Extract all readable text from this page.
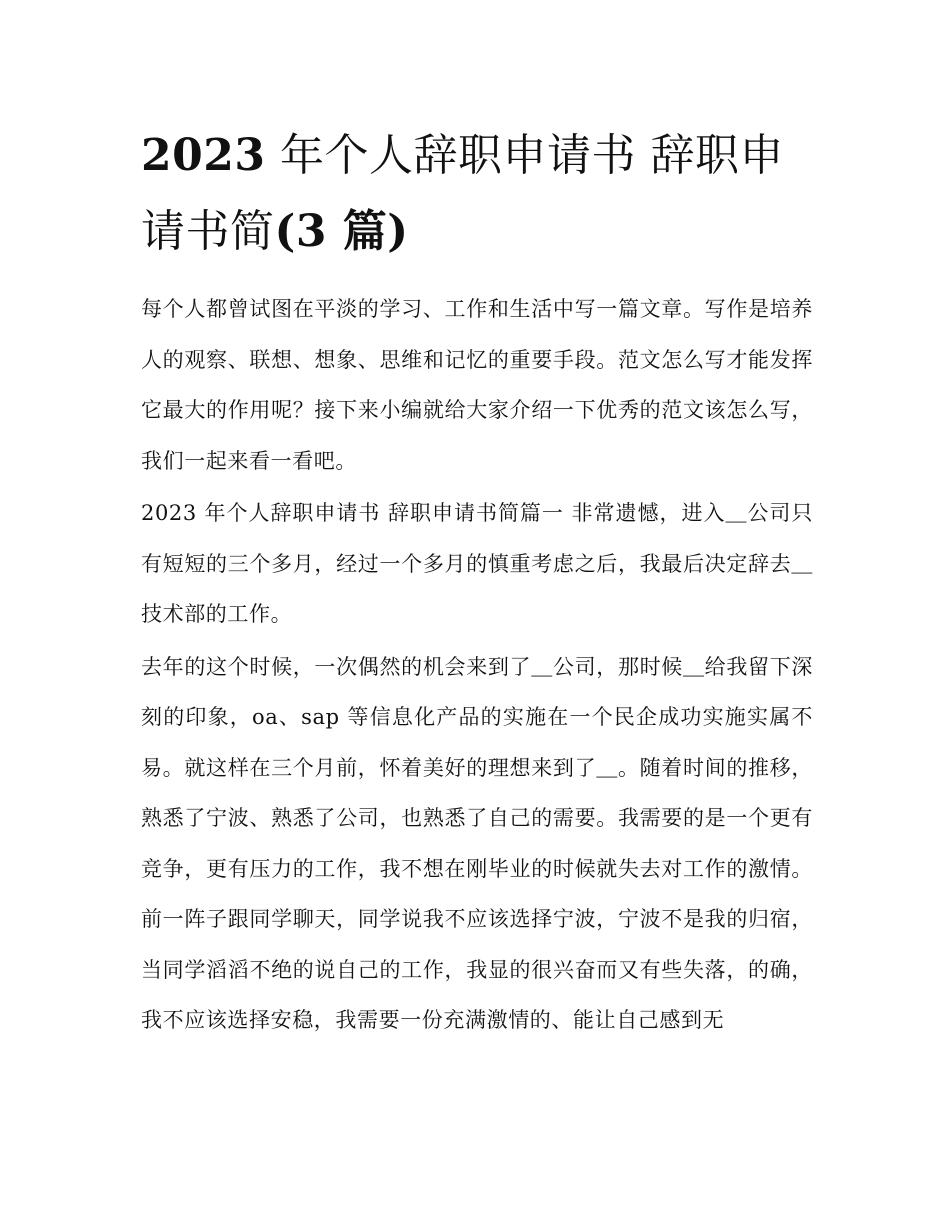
2023 年个人辞职申请书 辞职申请书简(3 篇)

每个人都曾试图在平淡的学习、工作和生活中写一篇文章。写作是培养人的观察、联想、想象、思维和记忆的重要手段。范文怎么写才能发挥它最大的作用呢？接下来小编就给大家介绍一下优秀的范文该怎么写，我们一起来看一看吧。

2023 年个人辞职申请书 辞职申请书简篇一 非常遗憾，进入＿公司只有短短的三个多月，经过一个多月的慎重考虑之后，我最后决定辞去＿技术部的工作。

去年的这个时候，一次偶然的机会来到了＿公司，那时候＿给我留下深刻的印象，oa、sap 等信息化产品的实施在一个民企成功实施实属不易。就这样在三个月前，怀着美好的理想来到了＿。随着时间的推移，熟悉了宁波、熟悉了公司，也熟悉了自己的需要。我需要的是一个更有竞争，更有压力的工作，我不想在刚毕业的时候就失去对工作的激情。前一阵子跟同学聊天，同学说我不应该选择宁波，宁波不是我的归宿，当同学滔滔不绝的说自己的工作，我显的很兴奋而又有些失落，的确，我不应该选择安稳，我需要一份充满激情的、能让自己感到无
